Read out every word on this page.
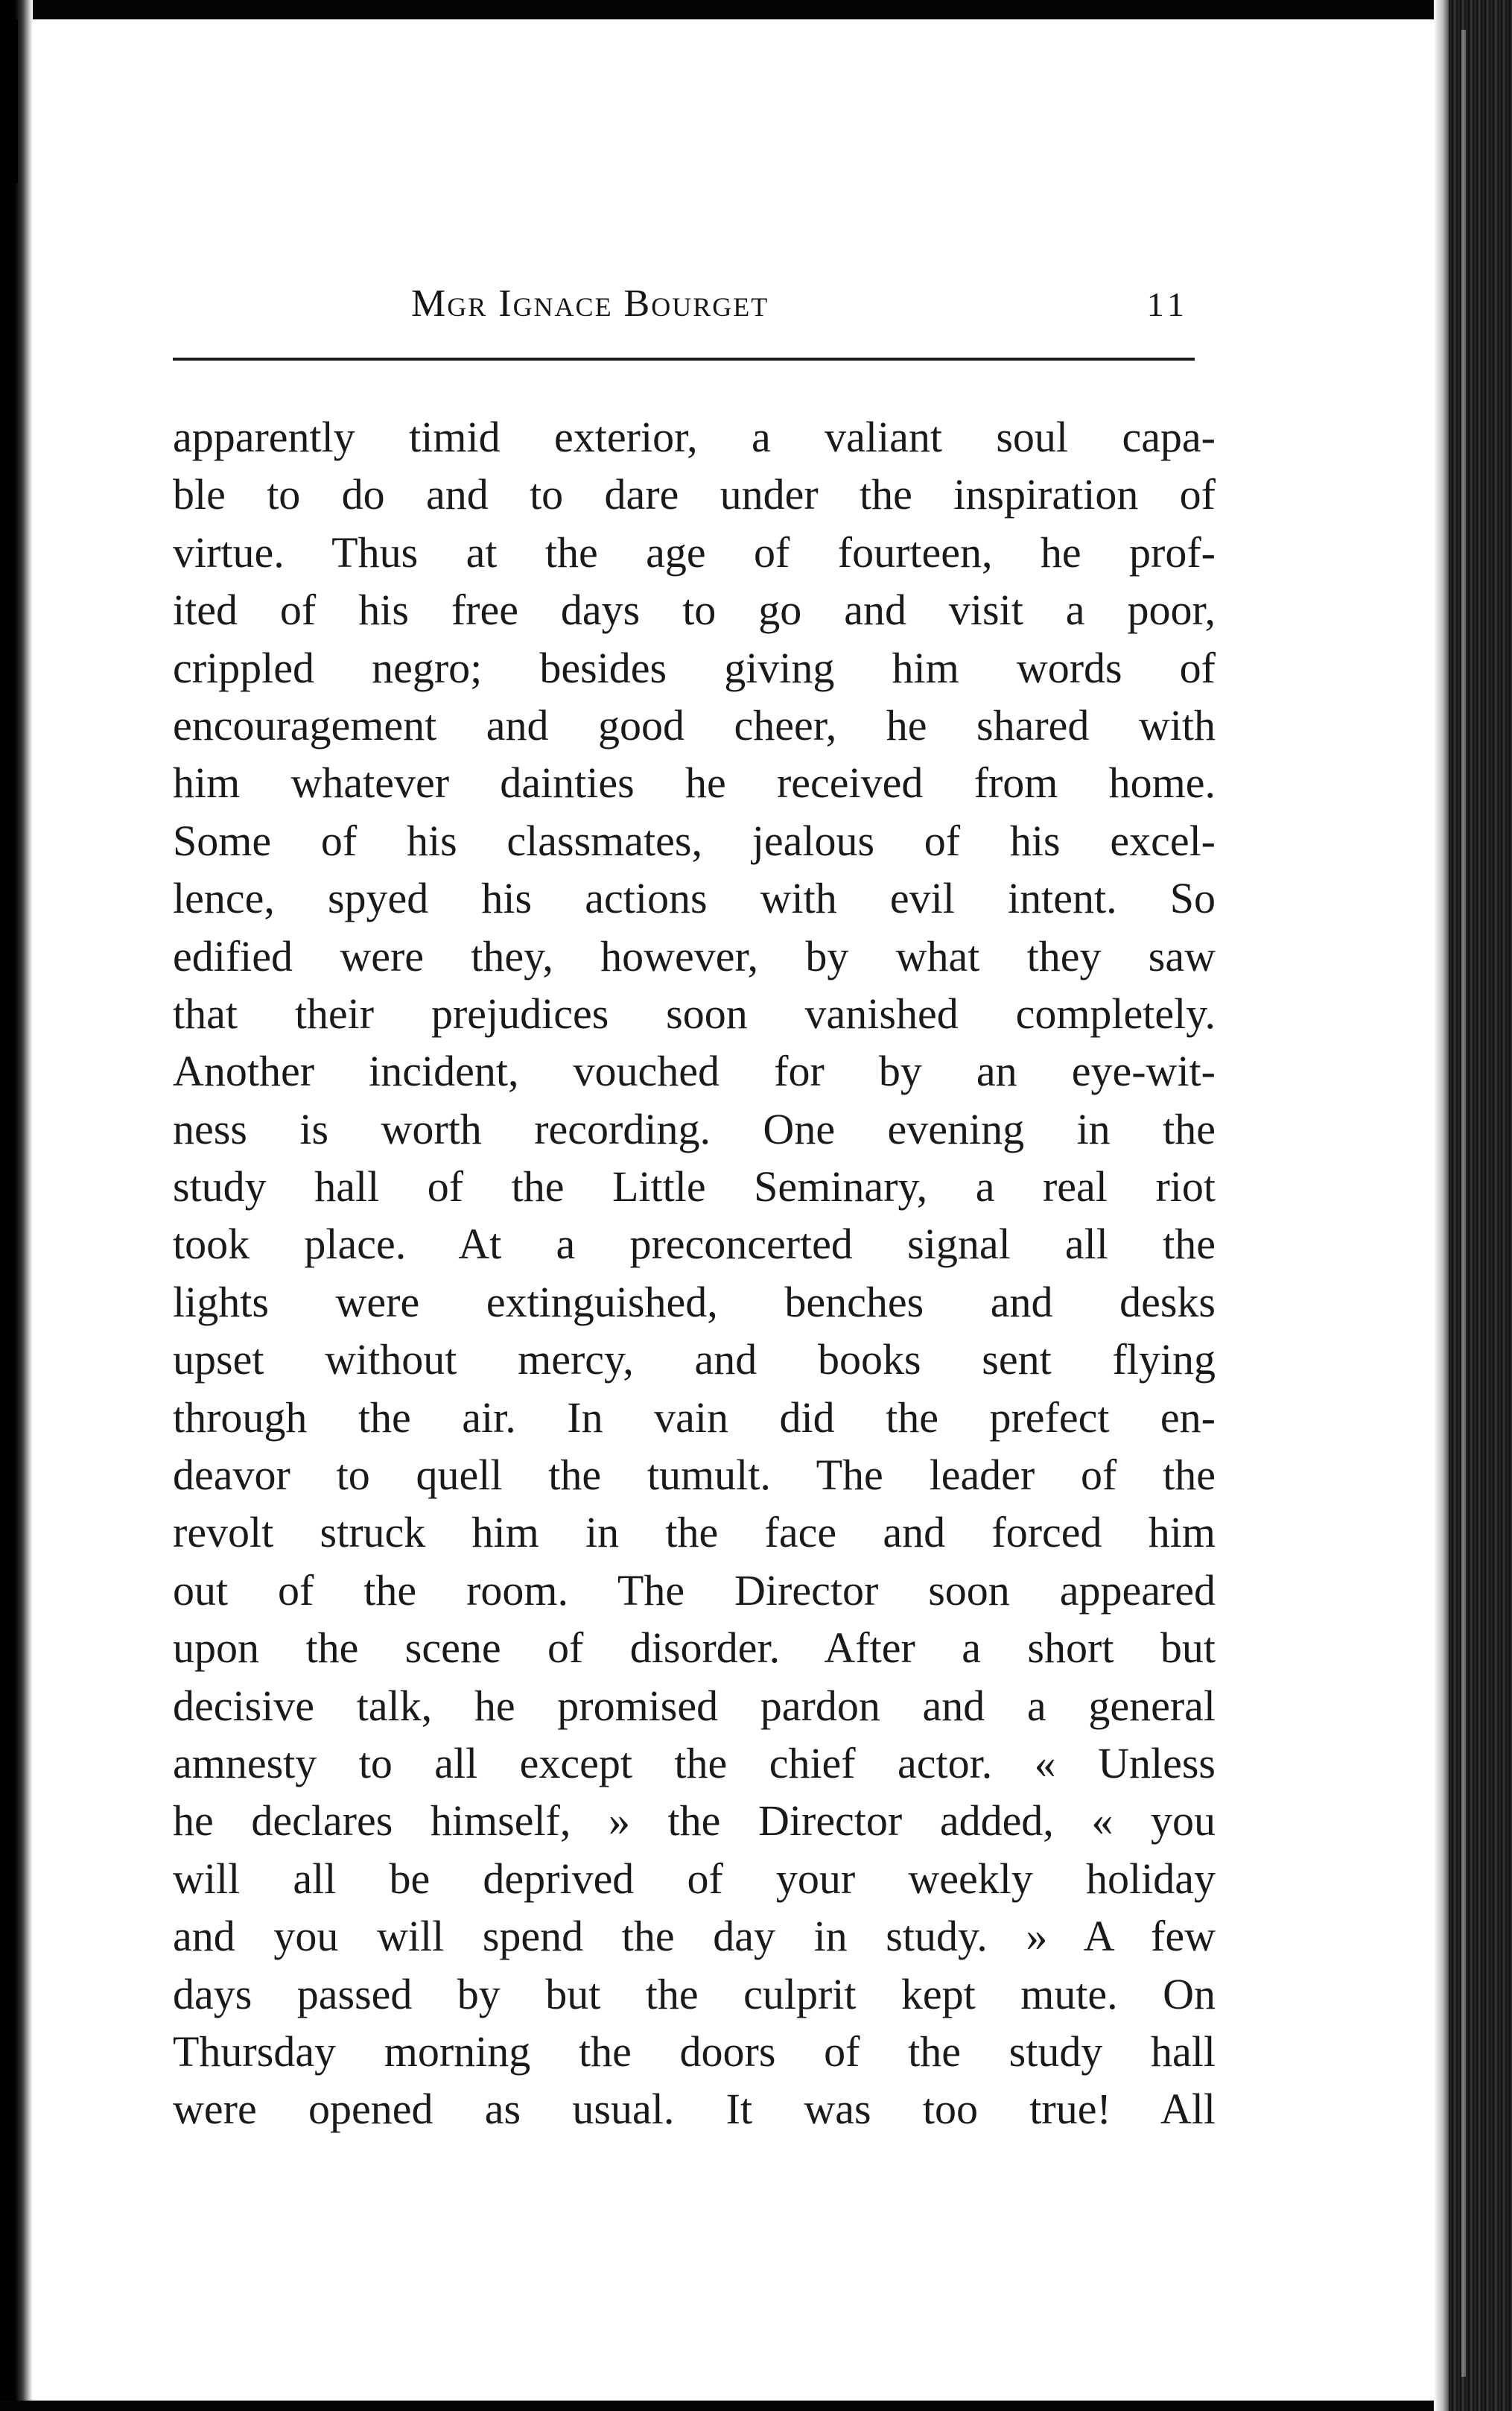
Mgr Ignace Bourget	11
apparently timid exterior, a valiant soul capa-
ble to do and to dare under the inspiration of
virtue. Thus at the age of fourteen, he prof-
ited of his free days to go and visit a poor,
crippled negro; besides giving him words of
encouragement and good cheer, he shared with
him whatever dainties he received from home.
Some of his classmates, jealous of his excel-
lence, spyed his actions with evil intent. So
edified were they, however, by what they saw
that their prejudices soon vanished completely.
Another incident, vouched for by an eye-wit-
ness is worth recording. One evening in the
study hall of the Little Seminary, a real riot
took place. At a preconcerted signal all the
lights were extinguished, benches and desks
upset without mercy, and books sent flying
through the air. In vain did the prefect en-
deavor to quell the tumult. The leader of the
revolt struck him in the face and forced him
out of the room. The Director soon appeared
upon the scene of disorder. After a short but
decisive talk, he promised pardon and a general
amnesty to all except the chief actor. « Unless
he declares himself, » the Director added, « you
will all be deprived of your weekly holiday
and you will spend the day in study. » A few
days passed by but the culprit kept mute. On
Thursday morning the doors of the study hall
were opened as usual. It was too true! All
